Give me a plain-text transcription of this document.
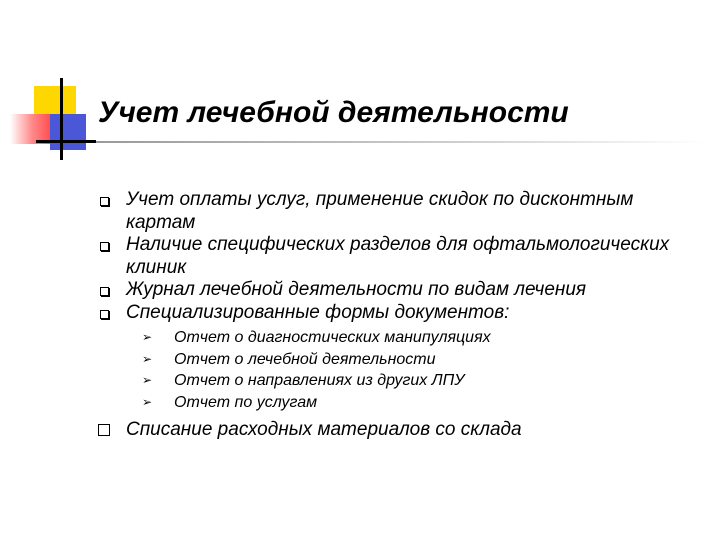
Учет лечебной деятельности
Учет оплаты услуг, применение скидок по дисконтным картам
Наличие специфических разделов для офтальмологических клиник
Журнал лечебной деятельности по видам лечения
Специализированные формы документов:
➢ Отчет о диагностических манипуляциях
➢ Отчет о лечебной деятельности
➢ Отчет о направлениях из других ЛПУ
➢ Отчет по услугам
Списание расходных материалов со склада
